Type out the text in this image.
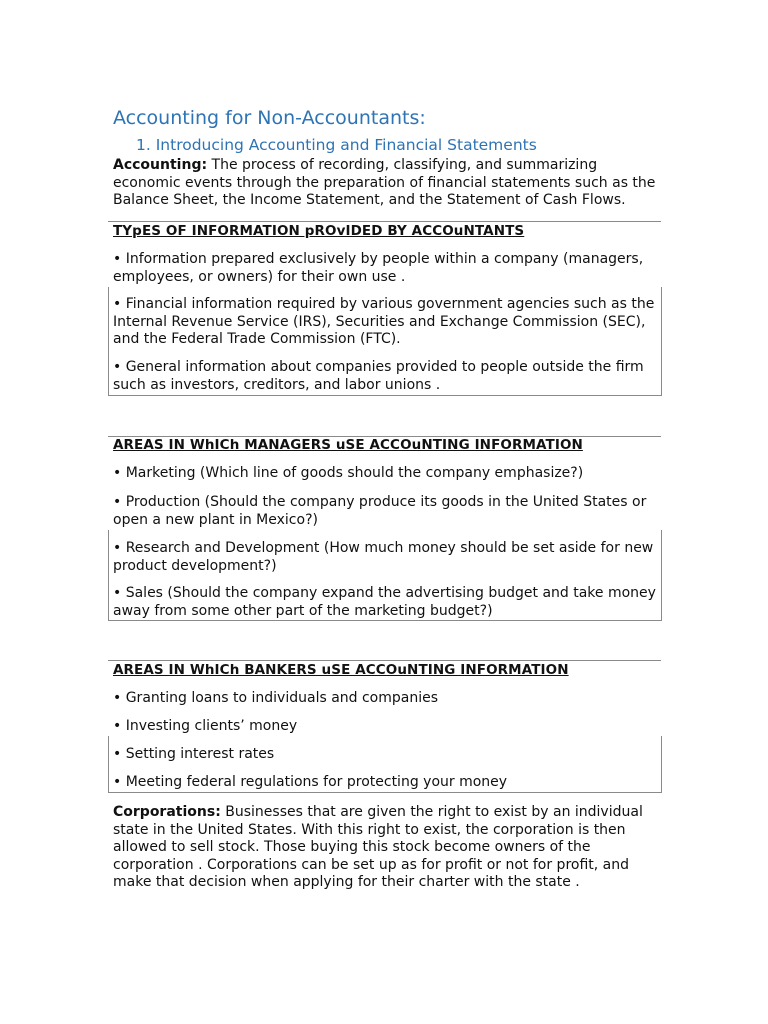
Accounting for Non-Accountants:
1. Introducing Accounting and Financial Statements
Accounting: The process of recording, classifying, and summarizing economic events through the preparation of financial statements such as the Balance Sheet, the Income Statement, and the Statement of Cash Flows.
TYpES OF INFORMATION pROvIDED BY ACCOuNTANTS
• Information prepared exclusively by people within a company (managers, employees, or owners) for their own use .
• Financial information required by various government agencies such as the Internal Revenue Service (IRS), Securities and Exchange Commission (SEC), and the Federal Trade Commission (FTC).
• General information about companies provided to people outside the firm such as investors, creditors, and labor unions .
AREAS IN WhICh MANAGERS uSE ACCOuNTING INFORMATION
• Marketing (Which line of goods should the company emphasize?)
• Production (Should the company produce its goods in the United States or open a new plant in Mexico?)
• Research and Development (How much money should be set aside for new product development?)
• Sales (Should the company expand the advertising budget and take money away from some other part of the marketing budget?)
AREAS IN WhICh BANKERS uSE ACCOuNTING INFORMATION
• Granting loans to individuals and companies
• Investing clients’ money
• Setting interest rates
• Meeting federal regulations for protecting your money
Corporations: Businesses that are given the right to exist by an individual state in the United States. With this right to exist, the corporation is then allowed to sell stock. Those buying this stock become owners of the corporation . Corporations can be set up as for profit or not for profit, and make that decision when applying for their charter with the state .
